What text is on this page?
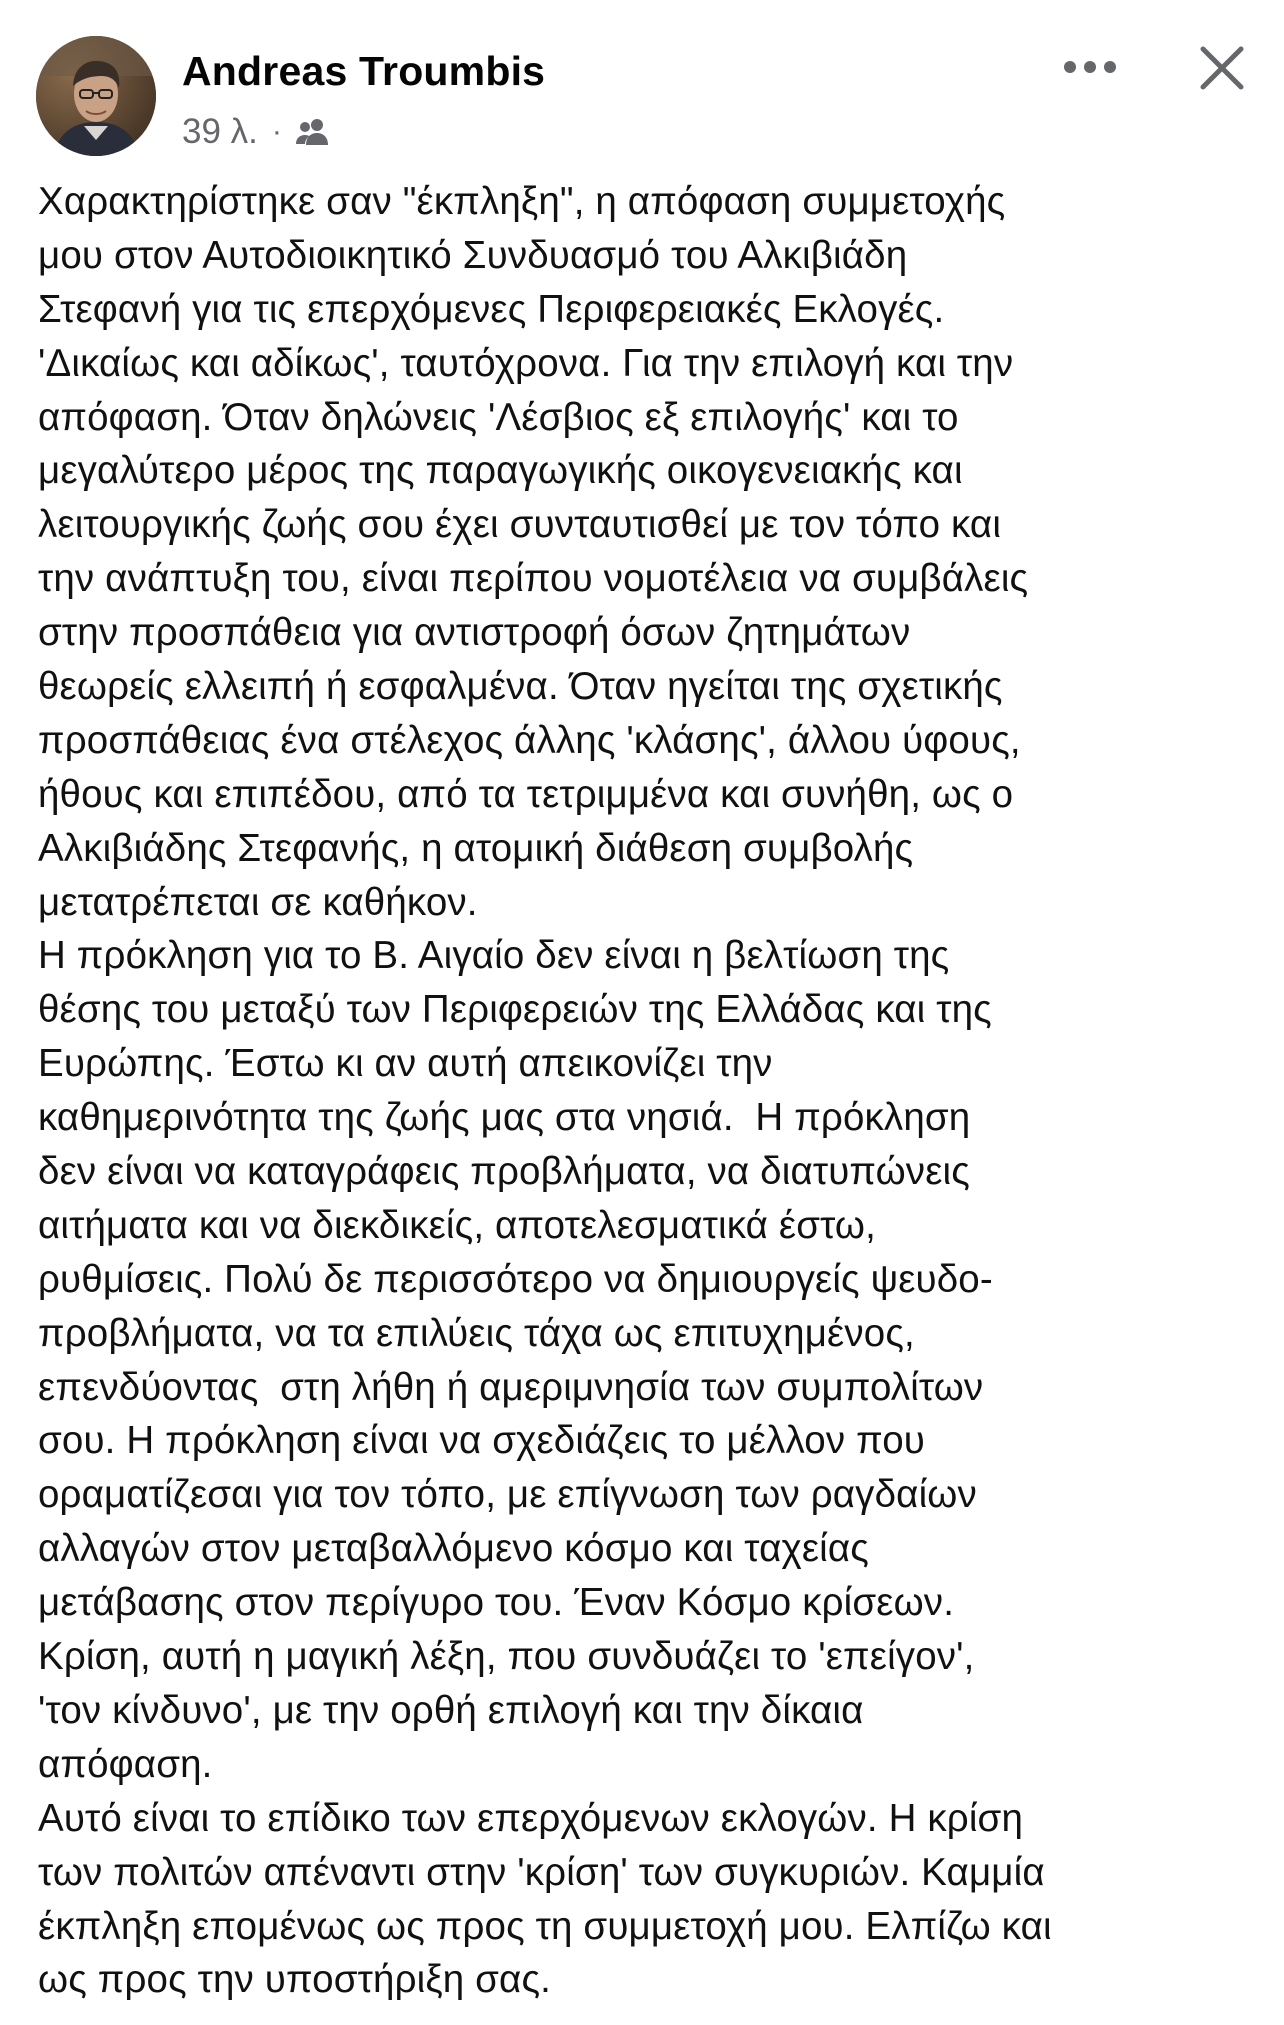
Andreas Troumbis
39 λ. ·
Χαρακτηρίστηκε σαν "έκπληξη", η απόφαση συμμετοχής
μου στον Αυτοδιοικητικό Συνδυασμό του Αλκιβιάδη
Στεφανή για τις επερχόμενες Περιφερειακές Εκλογές.
'Δικαίως και αδίκως', ταυτόχρονα. Για την επιλογή και την
απόφαση. Όταν δηλώνεις 'Λέσβιος εξ επιλογής' και το
μεγαλύτερο μέρος της παραγωγικής οικογενειακής και
λειτουργικής ζωής σου έχει συνταυτισθεί με τον τόπο και
την ανάπτυξη του, είναι περίπου νομοτέλεια να συμβάλεις
στην προσπάθεια για αντιστροφή όσων ζητημάτων
θεωρείς ελλειπή ή εσφαλμένα. Όταν ηγείται της σχετικής
προσπάθειας ένα στέλεχος άλλης 'κλάσης', άλλου ύφους,
ήθους και επιπέδου, από τα τετριμμένα και συνήθη, ως ο
Αλκιβιάδης Στεφανής, η ατομική διάθεση συμβολής
μετατρέπεται σε καθήκον.
Η πρόκληση για το Β. Αιγαίο δεν είναι η βελτίωση της
θέσης του μεταξύ των Περιφερειών της Ελλάδας και της
Ευρώπης. Έστω κι αν αυτή απεικονίζει την
καθημερινότητα της ζωής μας στα νησιά.  Η πρόκληση
δεν είναι να καταγράφεις προβλήματα, να διατυπώνεις
αιτήματα και να διεκδικείς, αποτελεσματικά έστω,
ρυθμίσεις. Πολύ δε περισσότερο να δημιουργείς ψευδο-
προβλήματα, να τα επιλύεις τάχα ως επιτυχημένος,
επενδύοντας  στη λήθη ή αμεριμνησία των συμπολίτων
σου. Η πρόκληση είναι να σχεδιάζεις το μέλλον που
οραματίζεσαι για τον τόπο, με επίγνωση των ραγδαίων
αλλαγών στον μεταβαλλόμενο κόσμο και ταχείας
μετάβασης στον περίγυρο του. Έναν Κόσμο κρίσεων.
Κρίση, αυτή η μαγική λέξη, που συνδυάζει το 'επείγον',
'τον κίνδυνο', με την ορθή επιλογή και την δίκαια
απόφαση.
Αυτό είναι το επίδικο των επερχόμενων εκλογών. Η κρίση
των πολιτών απέναντι στην 'κρίση' των συγκυριών. Καμμία
έκπληξη επομένως ως προς τη συμμετοχή μου. Ελπίζω και
ως προς την υποστήριξη σας.
